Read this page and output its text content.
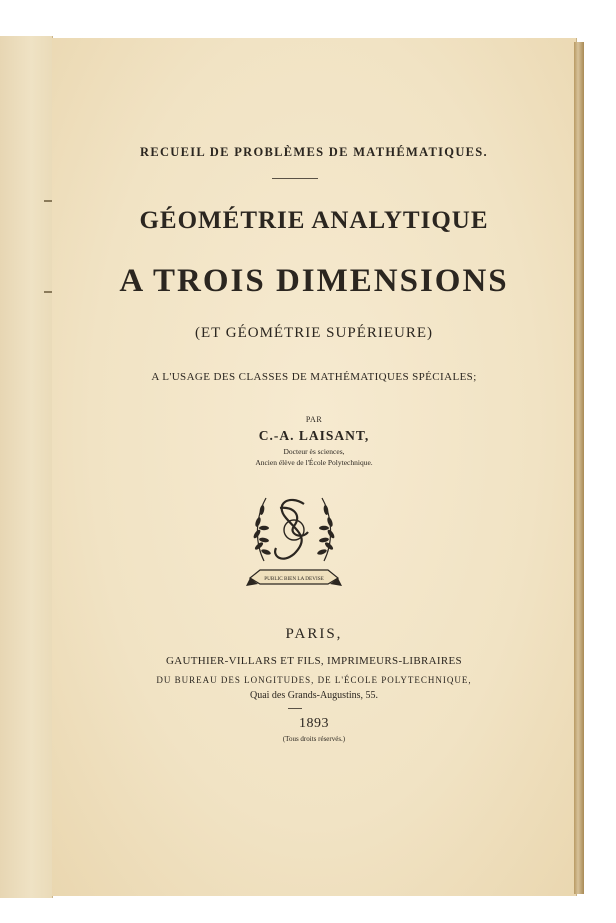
RECUEIL DE PROBLÈMES DE MATHÉMATIQUES.
GÉOMÉTRIE ANALYTIQUE
A TROIS DIMENSIONS
(ET GÉOMÉTRIE SUPÉRIEURE)
A L'USAGE DES CLASSES DE MATHÉMATIQUES SPÉCIALES;
PAR
C.-A. LAISANT,
Docteur ès sciences,
Ancien élève de l'École Polytechnique.
PUBLIC BIEN LA DEVISE
PARIS,
GAUTHIER-VILLARS ET FILS, IMPRIMEURS-LIBRAIRES
DU BUREAU DES LONGITUDES, DE L'ÉCOLE POLYTECHNIQUE,
Quai des Grands-Augustins, 55.
1893
(Tous droits réservés.)
